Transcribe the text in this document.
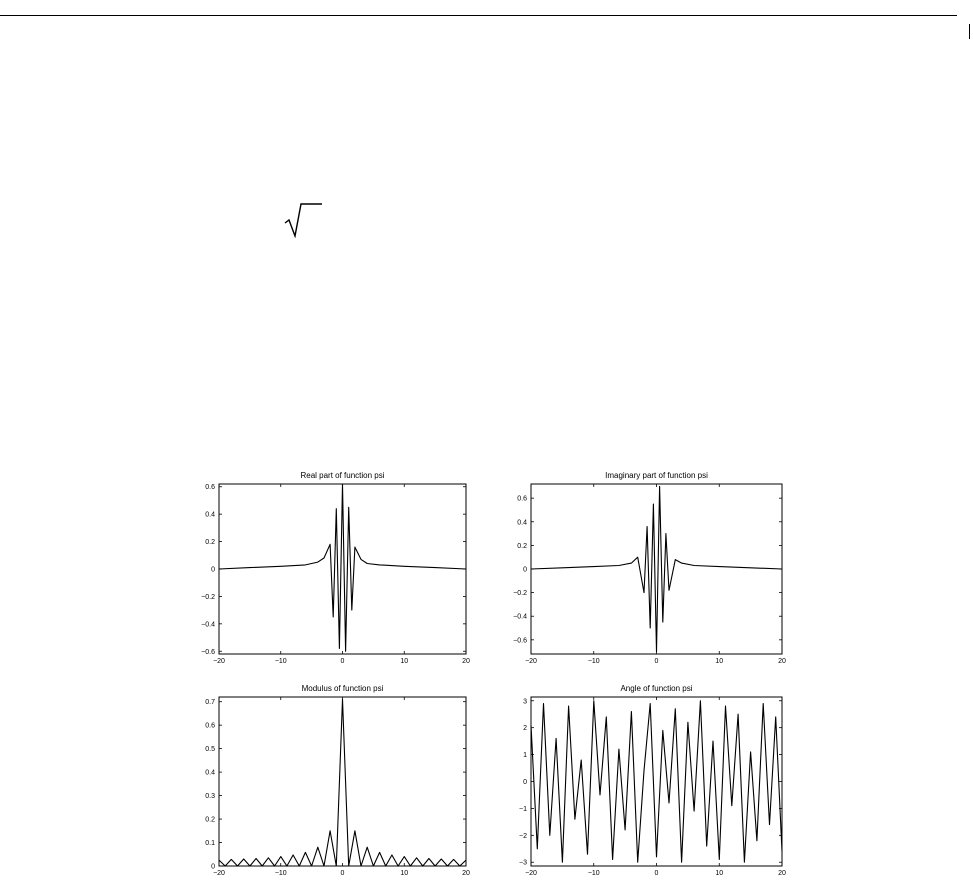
Real part of function psi
−20	−10	0	10	20
−0.6
−0.4
−0.2
0
0.2
0.4
0.6
Imaginary part of function psi
−20	−10	0	10	20
−0.6
−0.4
−0.2
0
0.2
0.4
0.6
Modulus of function psi
−20	−10	0	10	20
0
0.1
0.2
0.3
0.4
0.5
0.6
0.7
Angle of function psi
−20	−10	0	10	20
−3
−2
−1
0
1
2
3
